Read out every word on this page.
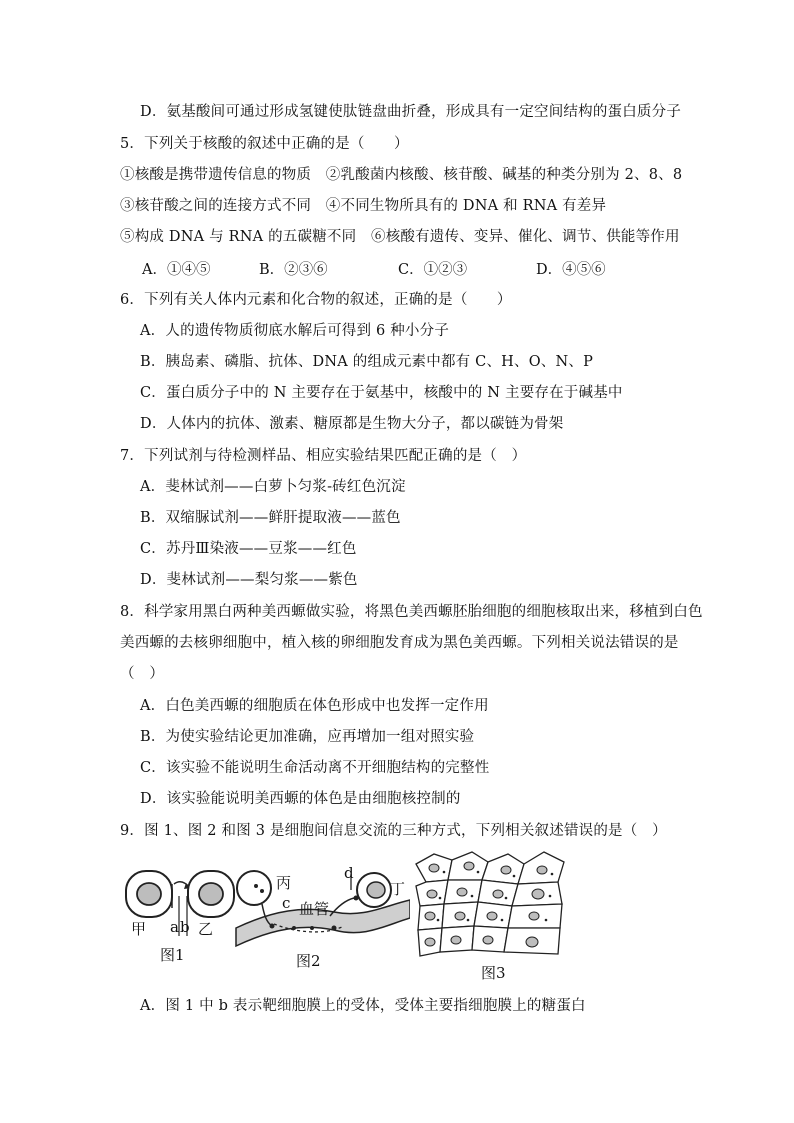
D．氨基酸间可通过形成氢键使肽链盘曲折叠，形成具有一定空间结构的蛋白质分子
5．下列关于核酸的叙述中正确的是（　　）
①核酸是携带遗传信息的物质　②乳酸菌内核酸、核苷酸、碱基的种类分别为 2、8、8
③核苷酸之间的连接方式不同　④不同生物所具有的 DNA 和 RNA 有差异
⑤构成 DNA 与 RNA 的五碳糖不同　⑥核酸有遗传、变异、催化、调节、供能等作用
A．①④⑤	B．②③⑥	C．①②③	D．④⑤⑥
6．下列有关人体内元素和化合物的叙述，正确的是（　　）
A．人的遗传物质彻底水解后可得到 6 种小分子
B．胰岛素、磷脂、抗体、DNA 的组成元素中都有 C、H、O、N、P
C．蛋白质分子中的 N 主要存在于氨基中，核酸中的 N 主要存在于碱基中
D．人体内的抗体、激素、糖原都是生物大分子，都以碳链为骨架
7．下列试剂与待检测样品、相应实验结果匹配正确的是（　）
A．斐林试剂——白萝卜匀浆-砖红色沉淀
B．双缩脲试剂——鲜肝提取液——蓝色
C．苏丹Ⅲ染液——豆浆——红色
D．斐林试剂——梨匀浆——紫色
8．科学家用黑白两种美西螈做实验，将黑色美西螈胚胎细胞的细胞核取出来，移植到白色
美西螈的去核卵细胞中，植入核的卵细胞发育成为黑色美西螈。下列相关说法错误的是
（　）
A．白色美西螈的细胞质在体色形成中也发挥一定作用
B．为使实验结论更加准确，应再增加一组对照实验
C．该实验不能说明生命活动离不开细胞结构的完整性
D．该实验能说明美西螈的体色是由细胞核控制的
9．图 1、图 2 和图 3 是细胞间信息交流的三种方式，下列相关叙述错误的是（　）
甲 a b 乙
图1
丙
c 血管
d
丁
图2
图3
A．图 1 中 b 表示靶细胞膜上的受体，受体主要指细胞膜上的糖蛋白
